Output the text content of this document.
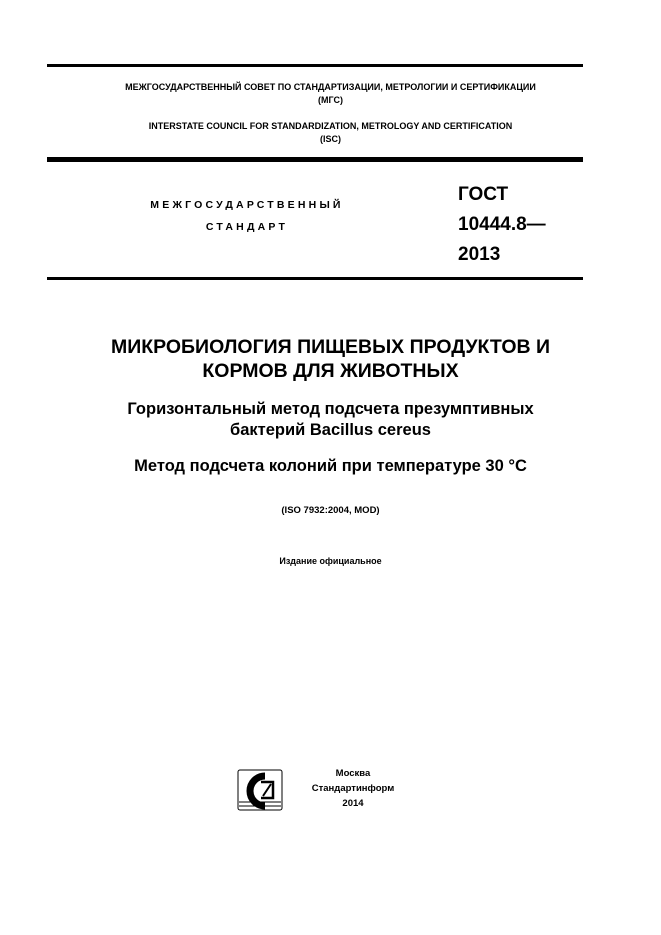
МЕЖГОСУДАРСТВЕННЫЙ СОВЕТ ПО СТАНДАРТИЗАЦИИ, МЕТРОЛОГИИ И СЕРТИФИКАЦИИ
(МГС)
INTERSTATE COUNCIL FOR STANDARDIZATION, METROLOGY AND CERTIFICATION
(ISC)
МЕЖГОСУДАРСТВЕННЫЙ
СТАНДАРТ
ГОСТ
10444.8—
2013
МИКРОБИОЛОГИЯ ПИЩЕВЫХ ПРОДУКТОВ И
КОРМОВ ДЛЯ ЖИВОТНЫХ
Горизонтальный метод подсчета презумптивных
бактерий Bacillus cereus
Метод подсчета колоний при температуре 30 °С
(ISO 7932:2004, MOD)
Издание официальное
Москва
Стандартинформ
2014
